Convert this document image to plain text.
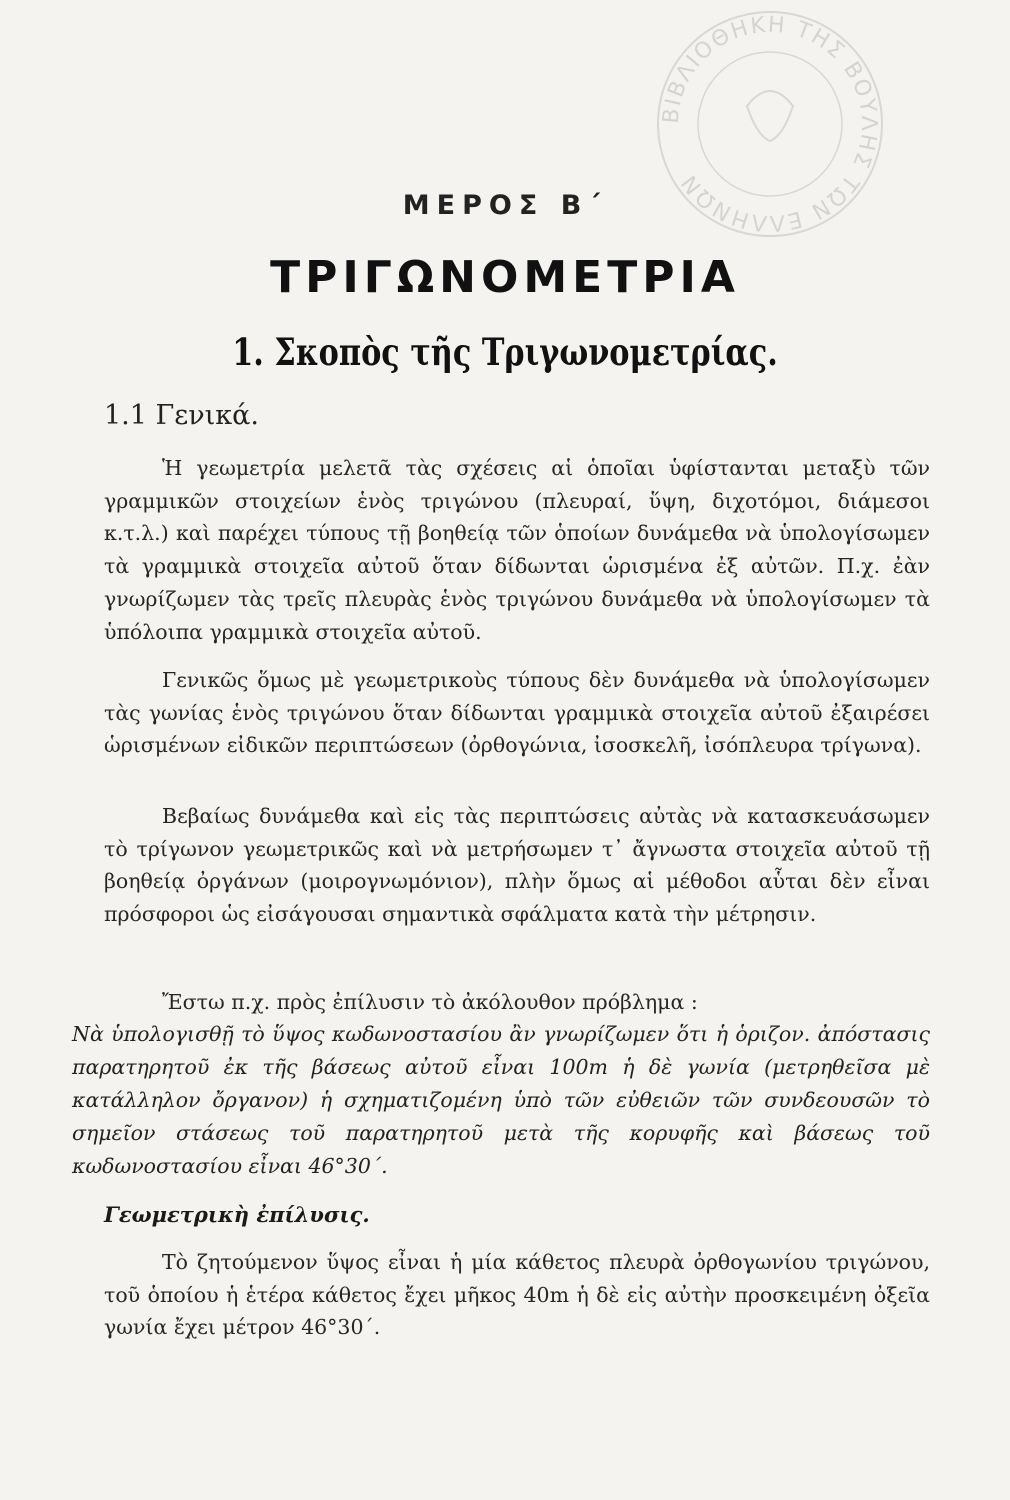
ΒΙΒΛΙΟΘΗΚΗ ΤΗΣ ΒΟΥΛΗΣ ΤΩΝ ΕΛΛΗΝΩΝ
ΜΕΡΟΣ Β΄
ΤΡΙΓΩΝΟΜΕΤΡΙΑ
1. Σκοπὸς τῆς Τριγωνομετρίας.
1.1 Γενικά.

Ἡ γεωμετρία μελετᾶ τὰς σχέσεις αἱ ὁποῖαι ὑφίστανται μεταξὺ τῶν γραμμικῶν στοιχείων ἑνὸς τριγώνου (πλευραί, ὕψη, διχοτόμοι, διάμεσοι κ.τ.λ.) καὶ παρέχει τύπους τῇ βοηθείᾳ τῶν ὁποίων δυνάμεθα νὰ ὑπολογίσωμεν τὰ γραμμικὰ στοιχεῖα αὐτοῦ ὅταν δίδωνται ὡρισμένα ἐξ αὐτῶν. Π.χ. ἐὰν γνωρίζωμεν τὰς τρεῖς πλευρὰς ἑνὸς τριγώνου δυνάμεθα νὰ ὑπολογίσωμεν τὰ ὑπόλοιπα γραμμικὰ στοιχεῖα αὐτοῦ.

Γενικῶς ὅμως μὲ γεωμετρικοὺς τύπους δὲν δυνάμεθα νὰ ὑπολογίσωμεν τὰς γωνίας ἑνὸς τριγώνου ὅταν δίδωνται γραμμικὰ στοιχεῖα αὐτοῦ ἐξαιρέσει ὡρισμένων εἰδικῶν περιπτώσεων (ὀρθογώνια, ἰσοσκελῆ, ἰσόπλευρα τρίγωνα).

Βεβαίως δυνάμεθα καὶ εἰς τὰς περιπτώσεις αὐτὰς νὰ κατασκευάσωμεν τὸ τρίγωνον γεωμετρικῶς καὶ νὰ μετρήσωμεν τ᾽ ἄγνωστα στοιχεῖα αὐτοῦ τῇ βοηθείᾳ ὀργάνων (μοιρογνωμόνιον), πλὴν ὅμως αἱ μέθοδοι αὗται δὲν εἶναι πρόσφοροι ὡς εἰσάγουσαι σημαντικὰ σφάλματα κατὰ τὴν μέτρησιν.

Ἔστω π.χ. πρὸς ἐπίλυσιν τὸ ἀκόλουθον πρόβλημα :

Νὰ ὑπολογισθῇ τὸ ὕψος κωδωνοστασίου ἂν γνωρίζωμεν ὅτι ἡ ὁριζον. ἀπόστασις παρατηρητοῦ ἐκ τῆς βάσεως αὐτοῦ εἶναι 100m ἡ δὲ γωνία (μετρηθεῖσα μὲ κατάλληλον ὄργανον) ἡ σχηματιζομένη ὑπὸ τῶν εὐθειῶν τῶν συνδεουσῶν τὸ σημεῖον στάσεως τοῦ παρατηρητοῦ μετὰ τῆς κορυφῆς καὶ βάσεως τοῦ κωδωνοστασίου εἶναι 46°30΄.
Γεωμετρικὴ ἐπίλυσις.

Τὸ ζητούμενον ὕψος εἶναι ἡ μία κάθετος πλευρὰ ὀρθογωνίου τριγώνου, τοῦ ὁποίου ἡ ἑτέρα κάθετος ἔχει μῆκος 40m ἡ δὲ εἰς αὐτὴν προσκειμένη ὀξεῖα γωνία ἔχει μέτρον 46°30΄.
